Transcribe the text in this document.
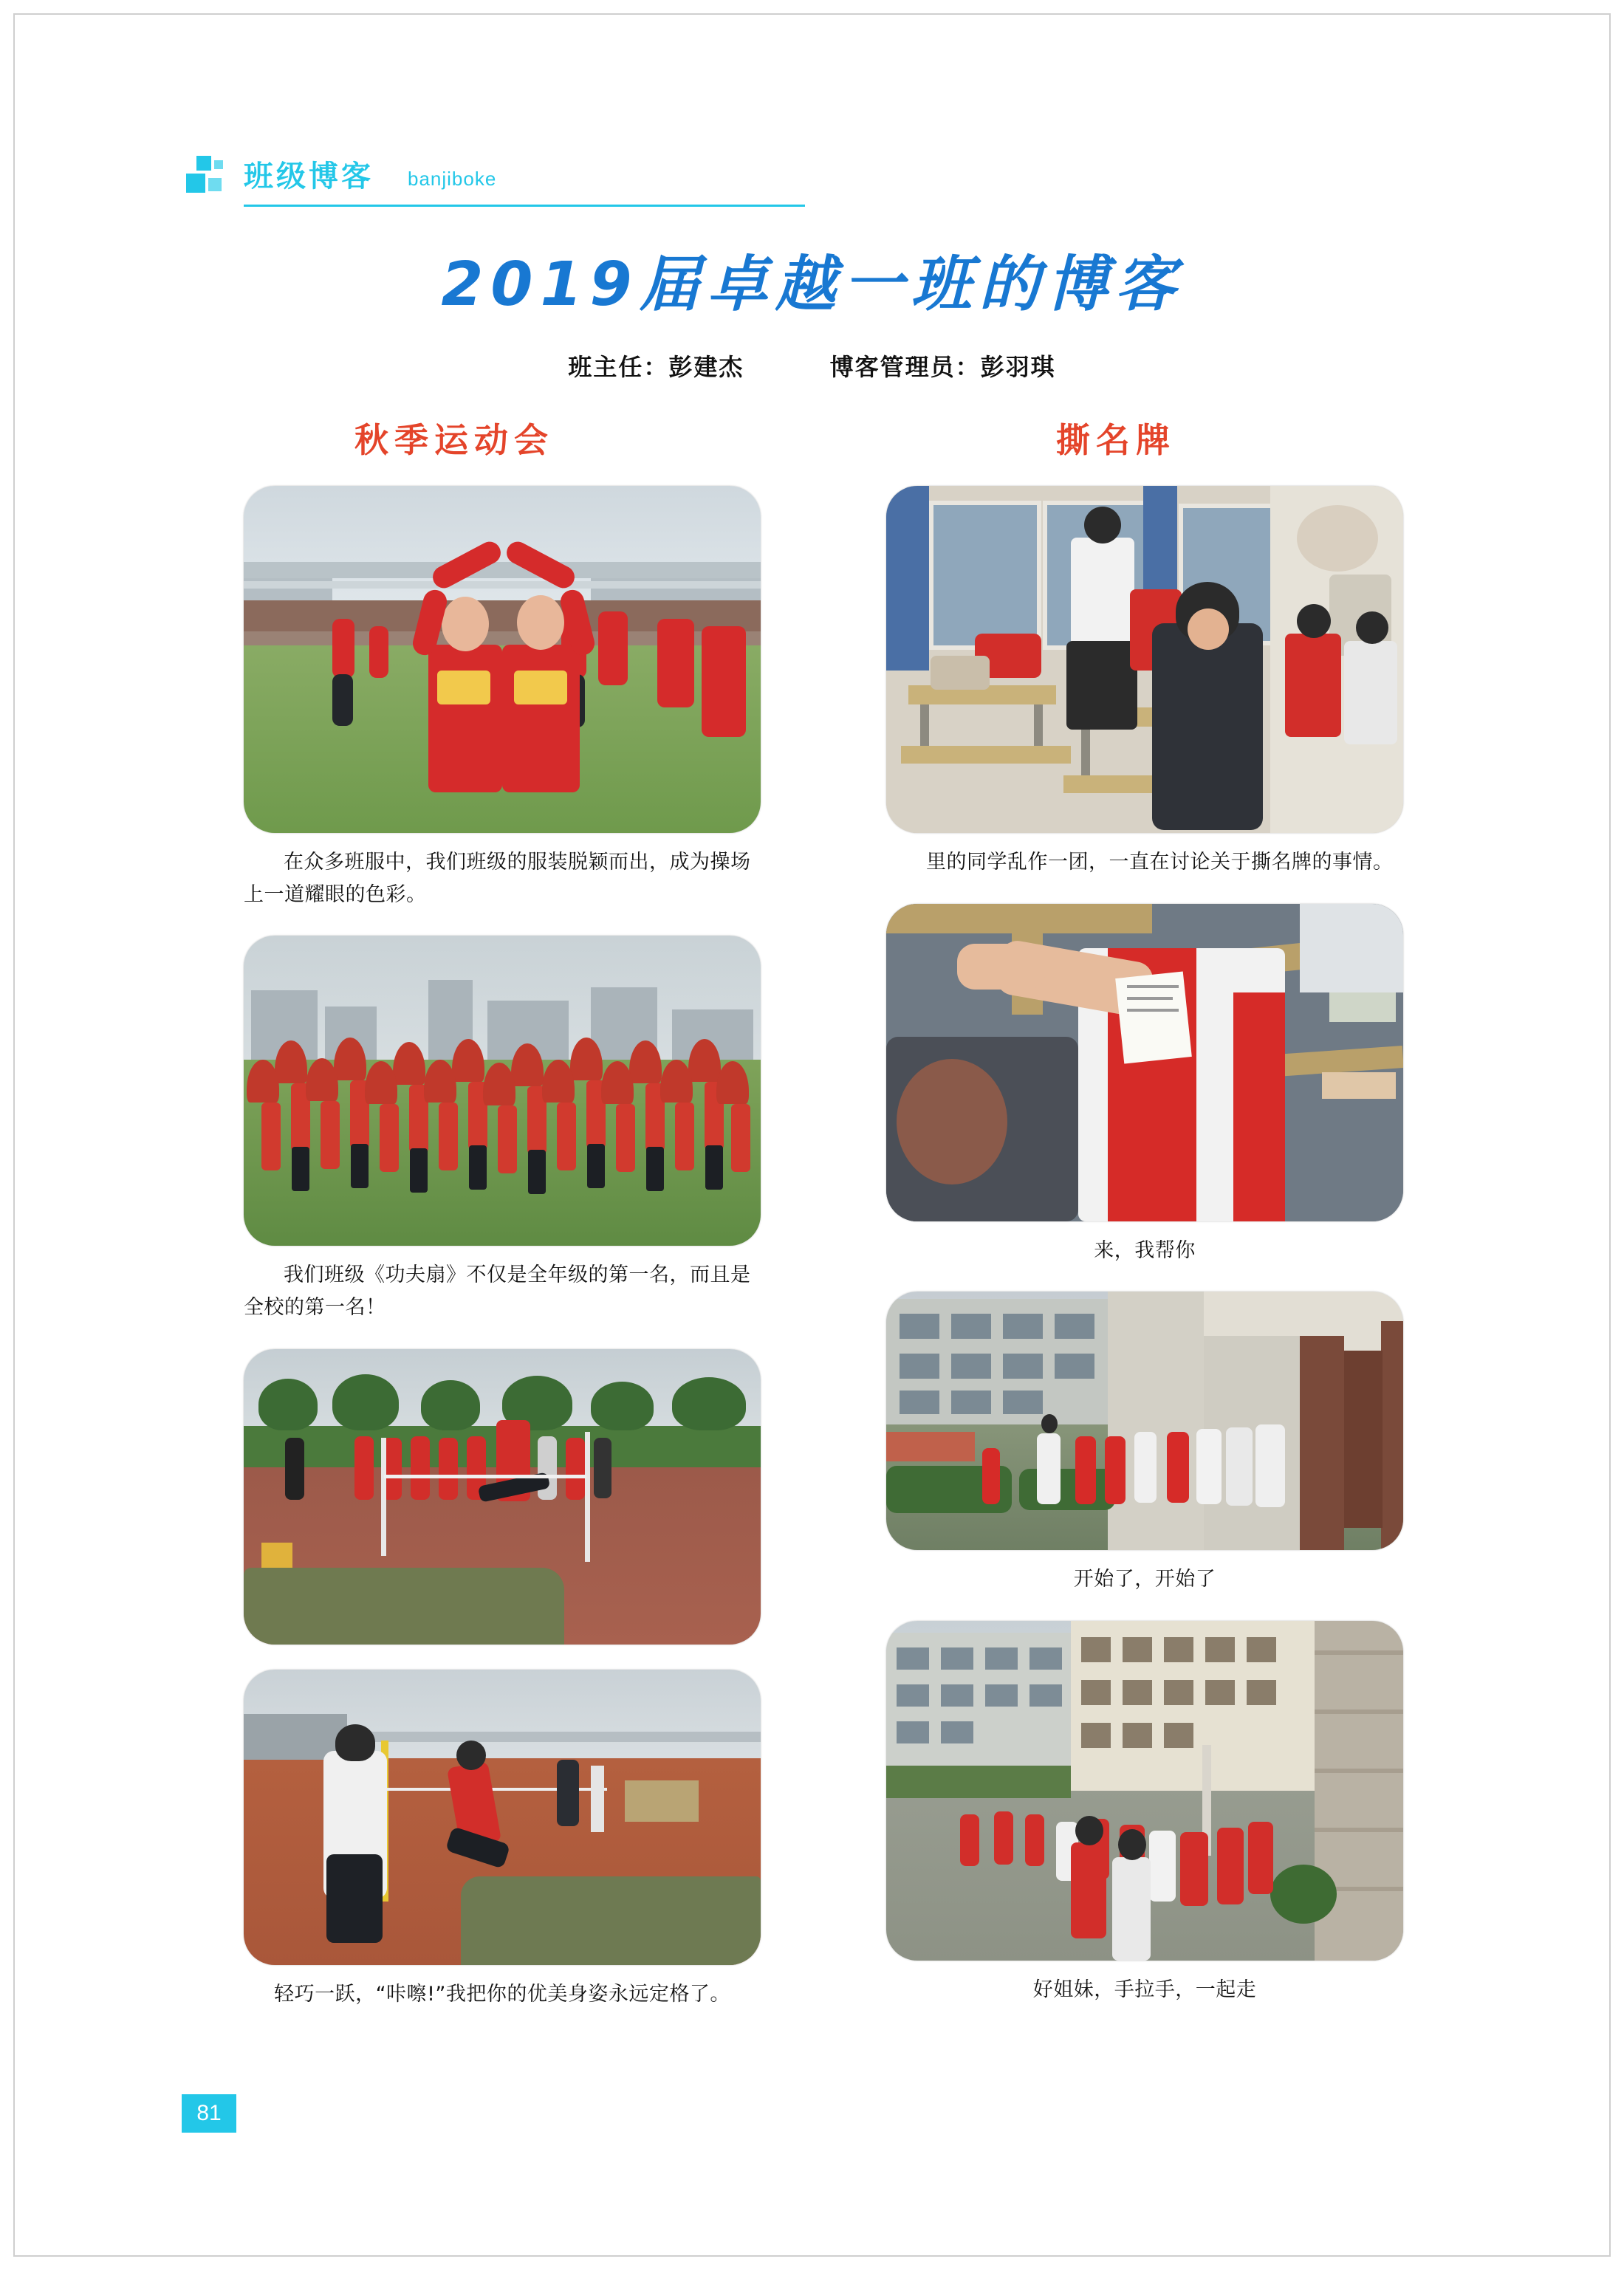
班级博客 banjiboke
2019届卓越一班的博客
班主任：彭建杰	博客管理员：彭羽琪
秋季运动会
在众多班服中，我们班级的服装脱颖而出，成为操场上一道耀眼的色彩。
我们班级《功夫扇》不仅是全年级的第一名，而且是全校的第一名！
轻巧一跃，“咔嚓!”我把你的优美身姿永远定格了。
撕名牌
里的同学乱作一团，一直在讨论关于撕名牌的事情。
来，我帮你
开始了，开始了
好姐妹，手拉手，一起走
81
